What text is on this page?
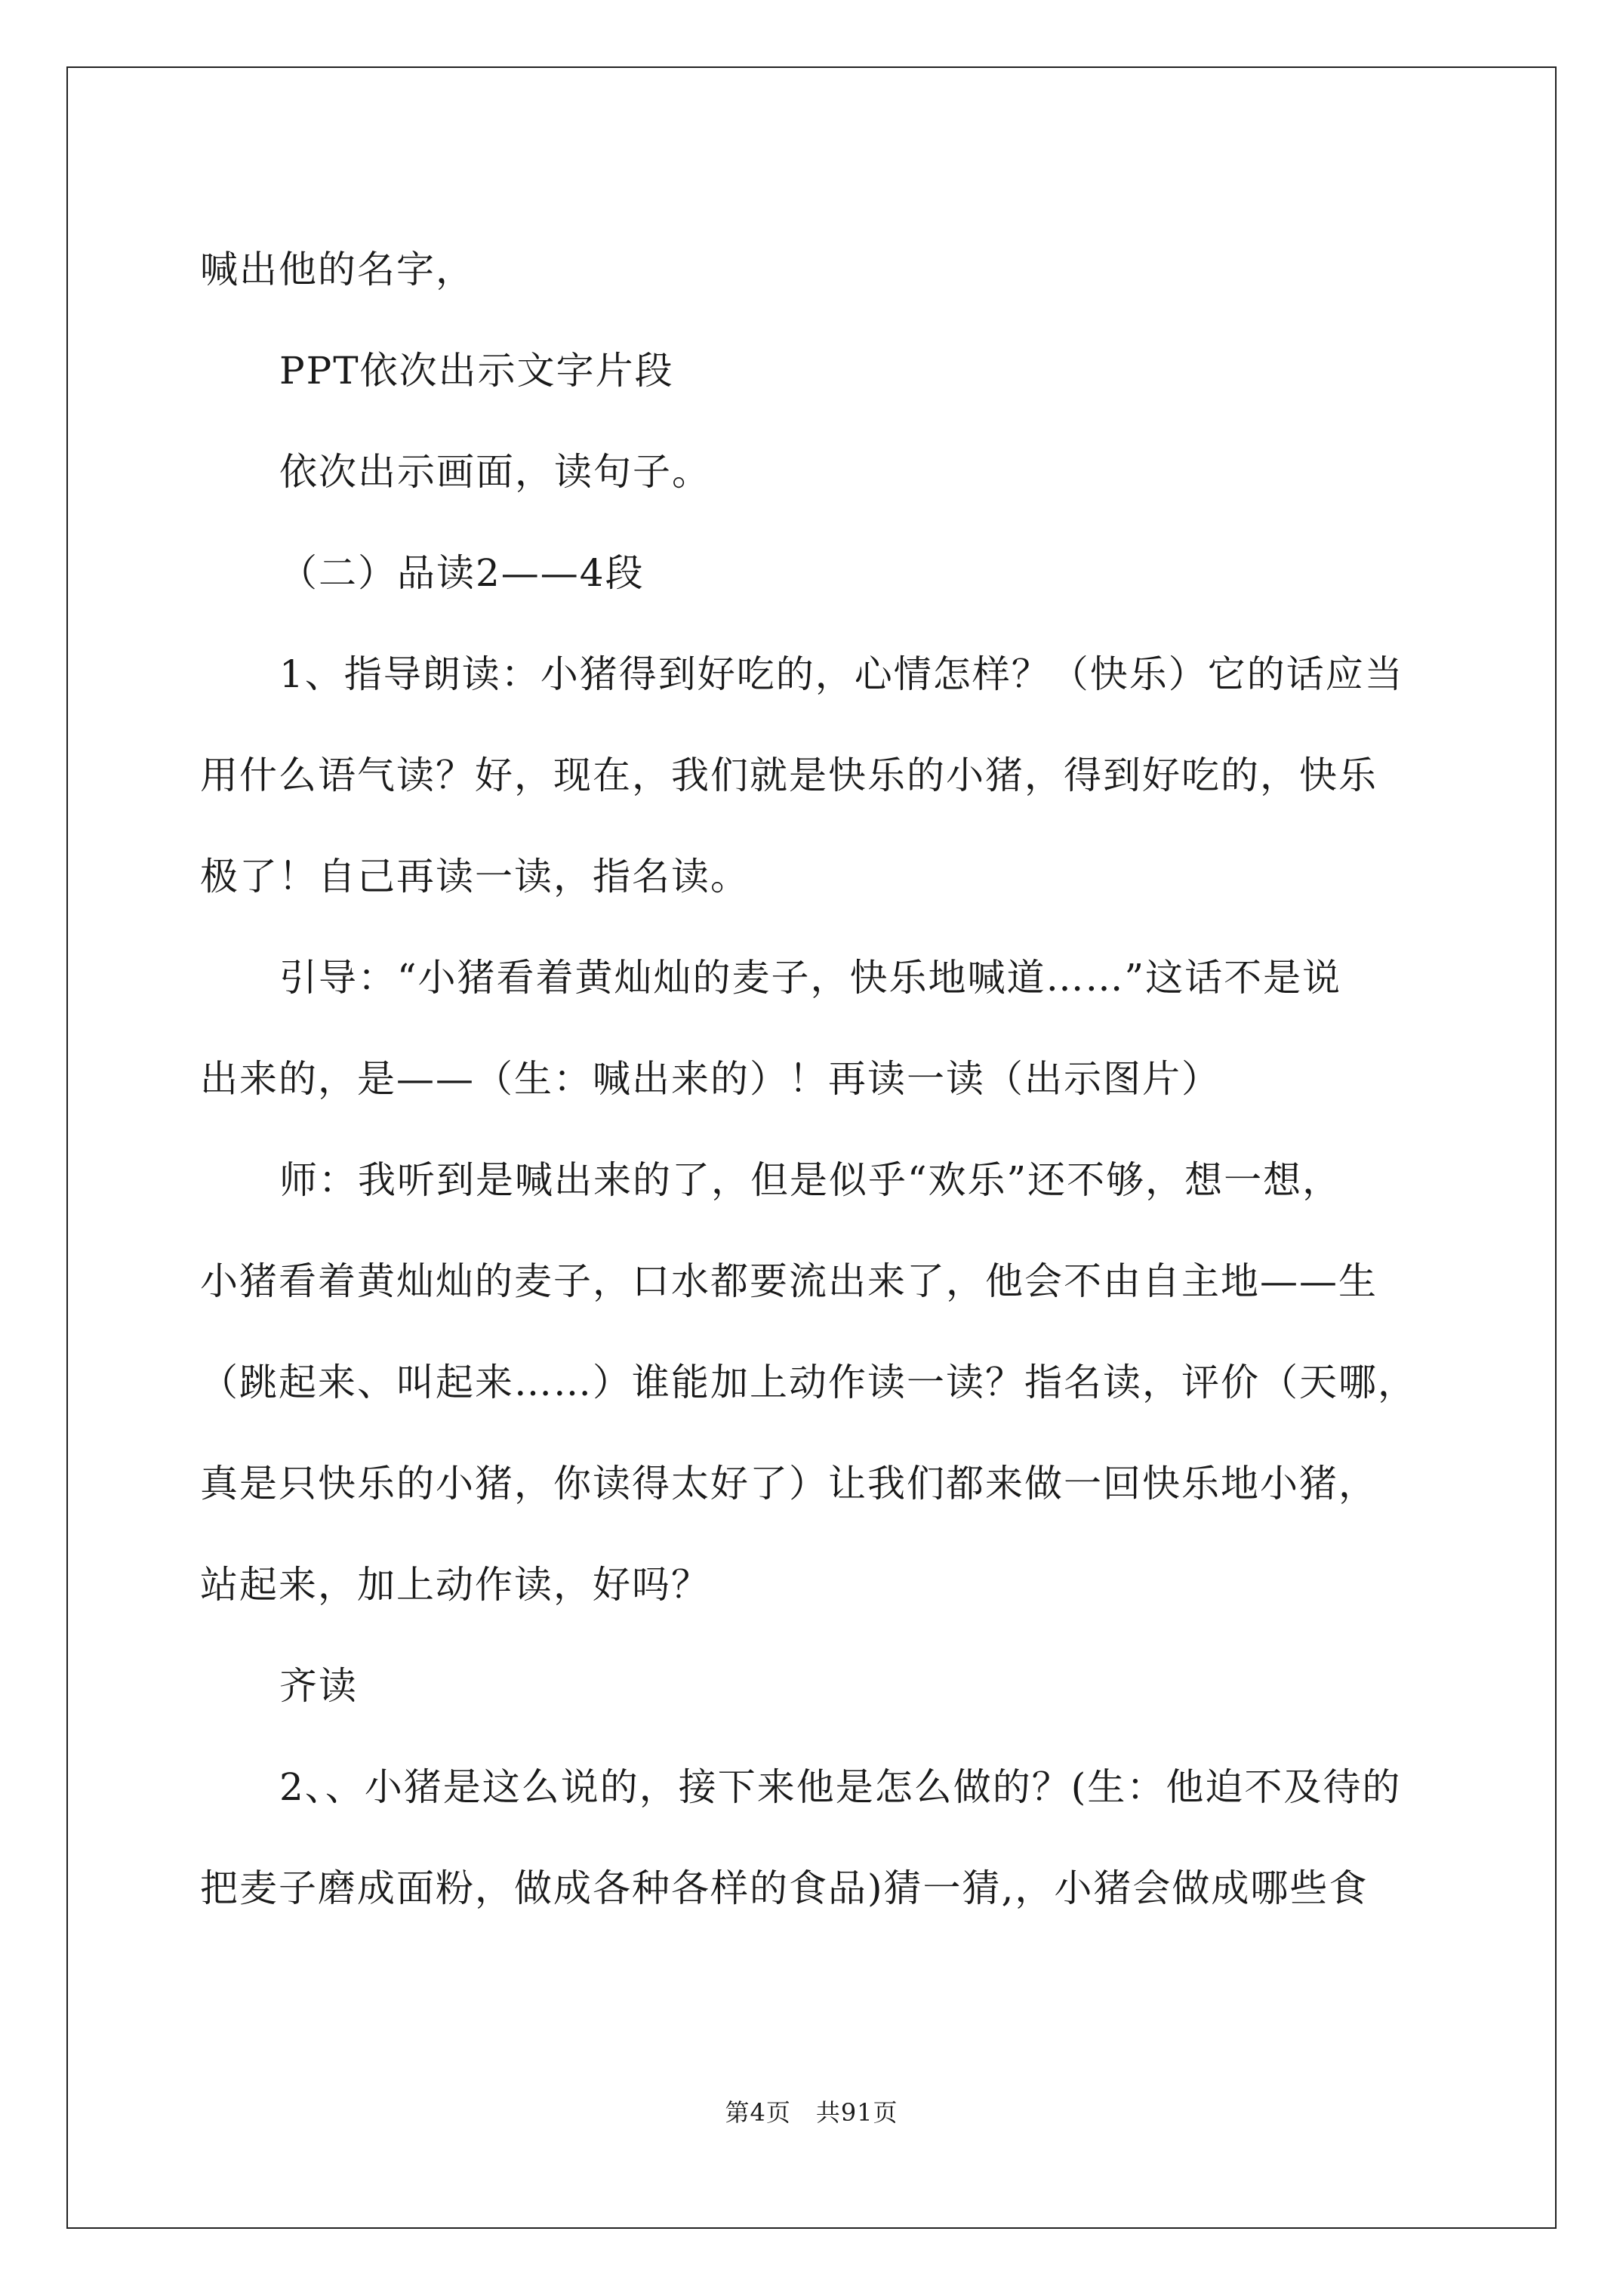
喊出他的名字，

PPT依次出示文字片段

依次出示画面，读句子。

（二）品读2——4段

1、指导朗读：小猪得到好吃的，心情怎样？（快乐）它的话应当

用什么语气读？好，现在，我们就是快乐的小猪，得到好吃的，快乐

极了！自己再读一读，指名读。

引导：“小猪看着黄灿灿的麦子，快乐地喊道……”这话不是说

出来的，是——（生：喊出来的）！再读一读（出示图片）

师：我听到是喊出来的了，但是似乎“欢乐”还不够，想一想，

小猪看着黄灿灿的麦子，口水都要流出来了，他会不由自主地——生

（跳起来、叫起来……）谁能加上动作读一读？指名读，评价（天哪，

真是只快乐的小猪，你读得太好了）让我们都来做一回快乐地小猪，

站起来，加上动作读，好吗？

齐读

2、、小猪是这么说的，接下来他是怎么做的？(生：他迫不及待的

把麦子磨成面粉，做成各种各样的食品)猜一猜,，小猪会做成哪些食

第4页　共91页
